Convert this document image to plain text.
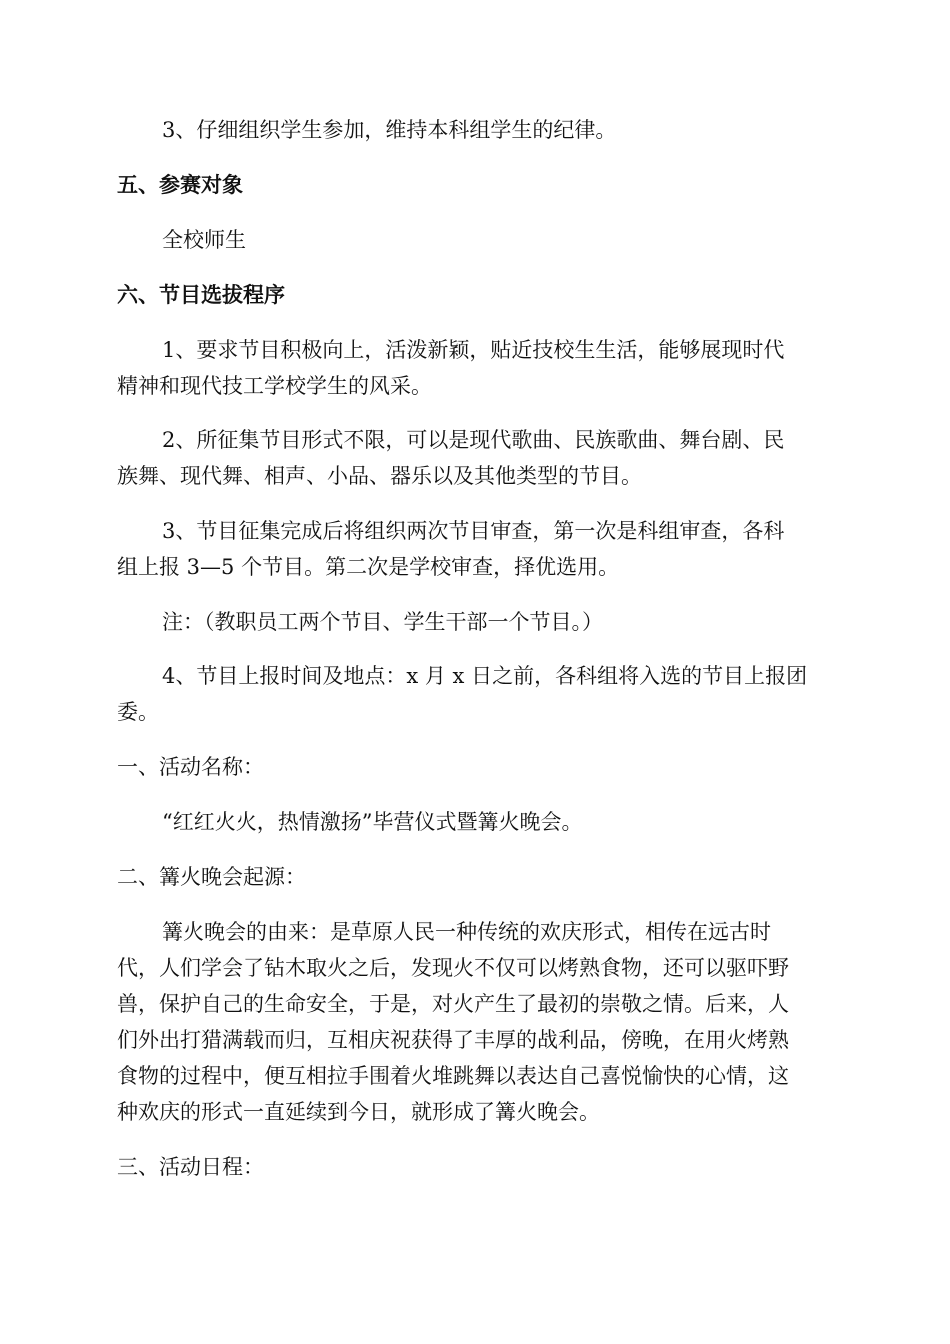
3、仔细组织学生参加，维持本科组学生的纪律。
五、参赛对象
全校师生
六、节目选拔程序
1、要求节目积极向上，活泼新颖，贴近技校生生活，能够展现时代
精神和现代技工学校学生的风采。
2、所征集节目形式不限，可以是现代歌曲、民族歌曲、舞台剧、民
族舞、现代舞、相声、小品、器乐以及其他类型的节目。
3、节目征集完成后将组织两次节目审查，第一次是科组审查，各科
组上报 3—5 个节目。第二次是学校审查，择优选用。
注：（教职员工两个节目、学生干部一个节目。）
4、节目上报时间及地点：x 月 x 日之前，各科组将入选的节目上报团
委。
一、活动名称：
“红红火火，热情激扬”毕营仪式暨篝火晚会。
二、篝火晚会起源：
篝火晚会的由来：是草原人民一种传统的欢庆形式，相传在远古时
代，人们学会了钻木取火之后，发现火不仅可以烤熟食物，还可以驱吓野
兽，保护自己的生命安全，于是，对火产生了最初的崇敬之情。后来，人
们外出打猎满载而归，互相庆祝获得了丰厚的战利品，傍晚，在用火烤熟
食物的过程中，便互相拉手围着火堆跳舞以表达自己喜悦愉快的心情，这
种欢庆的形式一直延续到今日，就形成了篝火晚会。
三、活动日程：
